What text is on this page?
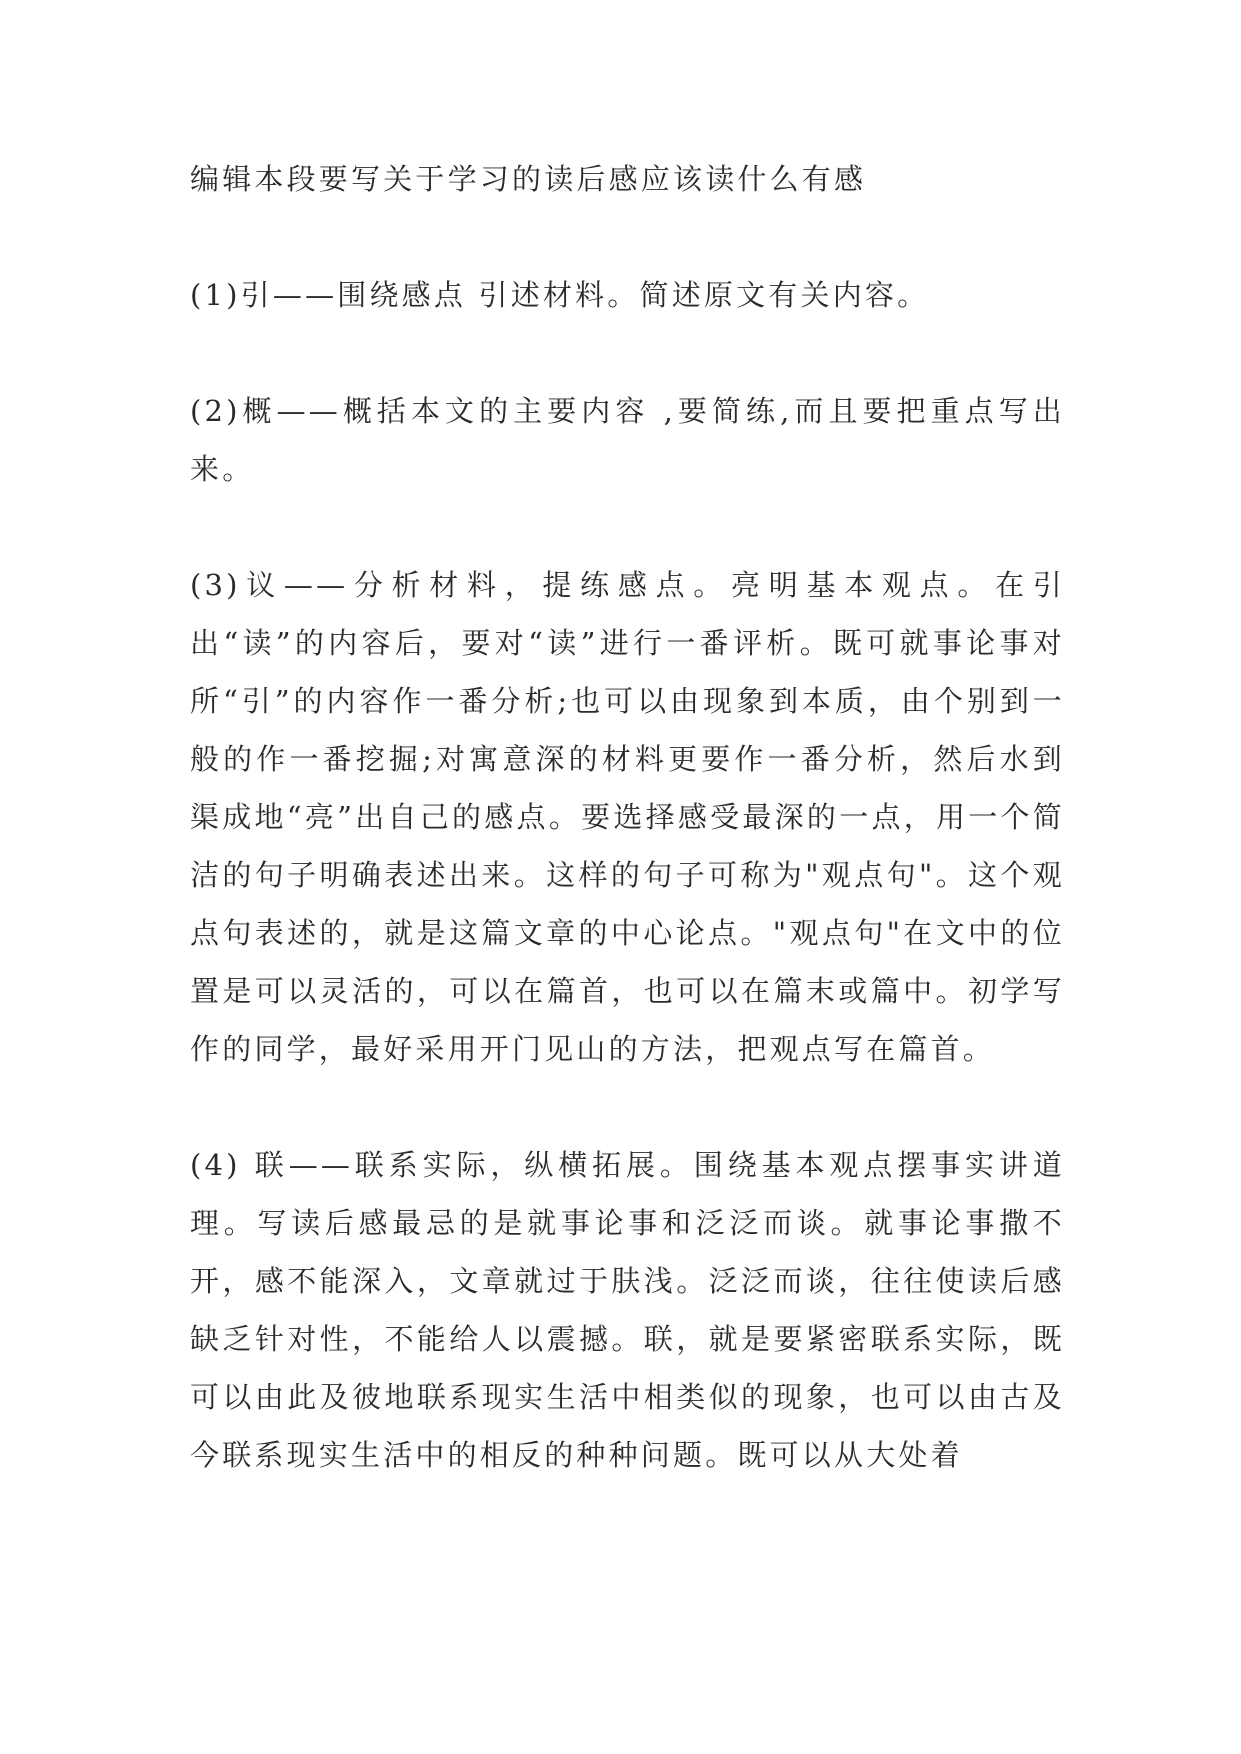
编辑本段要写关于学习的读后感应该读什么有感

(1)引——围绕感点 引述材料。简述原文有关内容。

(2)概——概括本文的主要内容 ,要简练,而且要把重点写出来。

(3)议——分析材料，提练感点。亮明基本观点。在引出“读”的内容后，要对“读”进行一番评析。既可就事论事对所“引”的内容作一番分析;也可以由现象到本质，由个别到一般的作一番挖掘;对寓意深的材料更要作一番分析，然后水到渠成地“亮”出自己的感点。要选择感受最深的一点，用一个简洁的句子明确表述出来。这样的句子可称为"观点句"。这个观点句表述的，就是这篇文章的中心论点。"观点句"在文中的位置是可以灵活的，可以在篇首，也可以在篇末或篇中。初学写作的同学，最好采用开门见山的方法，把观点写在篇首。

(4) 联——联系实际，纵横拓展。围绕基本观点摆事实讲道理。写读后感最忌的是就事论事和泛泛而谈。就事论事撒不开，感不能深入，文章就过于肤浅。泛泛而谈，往往使读后感缺乏针对性，不能给人以震撼。联，就是要紧密联系实际，既可以由此及彼地联系现实生活中相类似的现象，也可以由古及今联系现实生活中的相反的种种问题。既可以从大处着
